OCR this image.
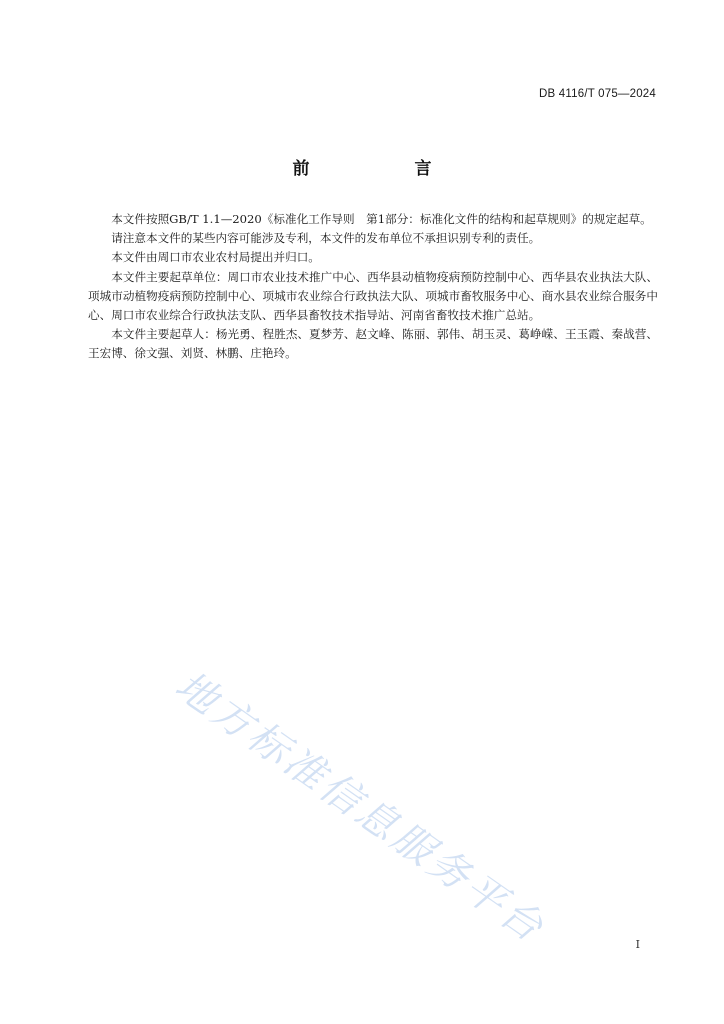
DB 4116/T 075—2024
前　言

本文件按照GB/T 1.1—2020《标准化工作导则　第1部分：标准化文件的结构和起草规则》的规定起草。

请注意本文件的某些内容可能涉及专利，本文件的发布单位不承担识别专利的责任。

本文件由周口市农业农村局提出并归口。

本文件主要起草单位：周口市农业技术推广中心、西华县动植物疫病预防控制中心、西华县农业执法大队、项城市动植物疫病预防控制中心、项城市农业综合行政执法大队、项城市畜牧服务中心、商水县农业综合服务中心、周口市农业综合行政执法支队、西华县畜牧技术指导站、河南省畜牧技术推广总站。

本文件主要起草人：杨光勇、程胜杰、夏梦芳、赵文峰、陈丽、郭伟、胡玉灵、葛峥嵘、王玉霞、秦战营、王宏博、徐文强、刘贤、林鹏、庄艳玲。

地方标准信息服务平台	I
